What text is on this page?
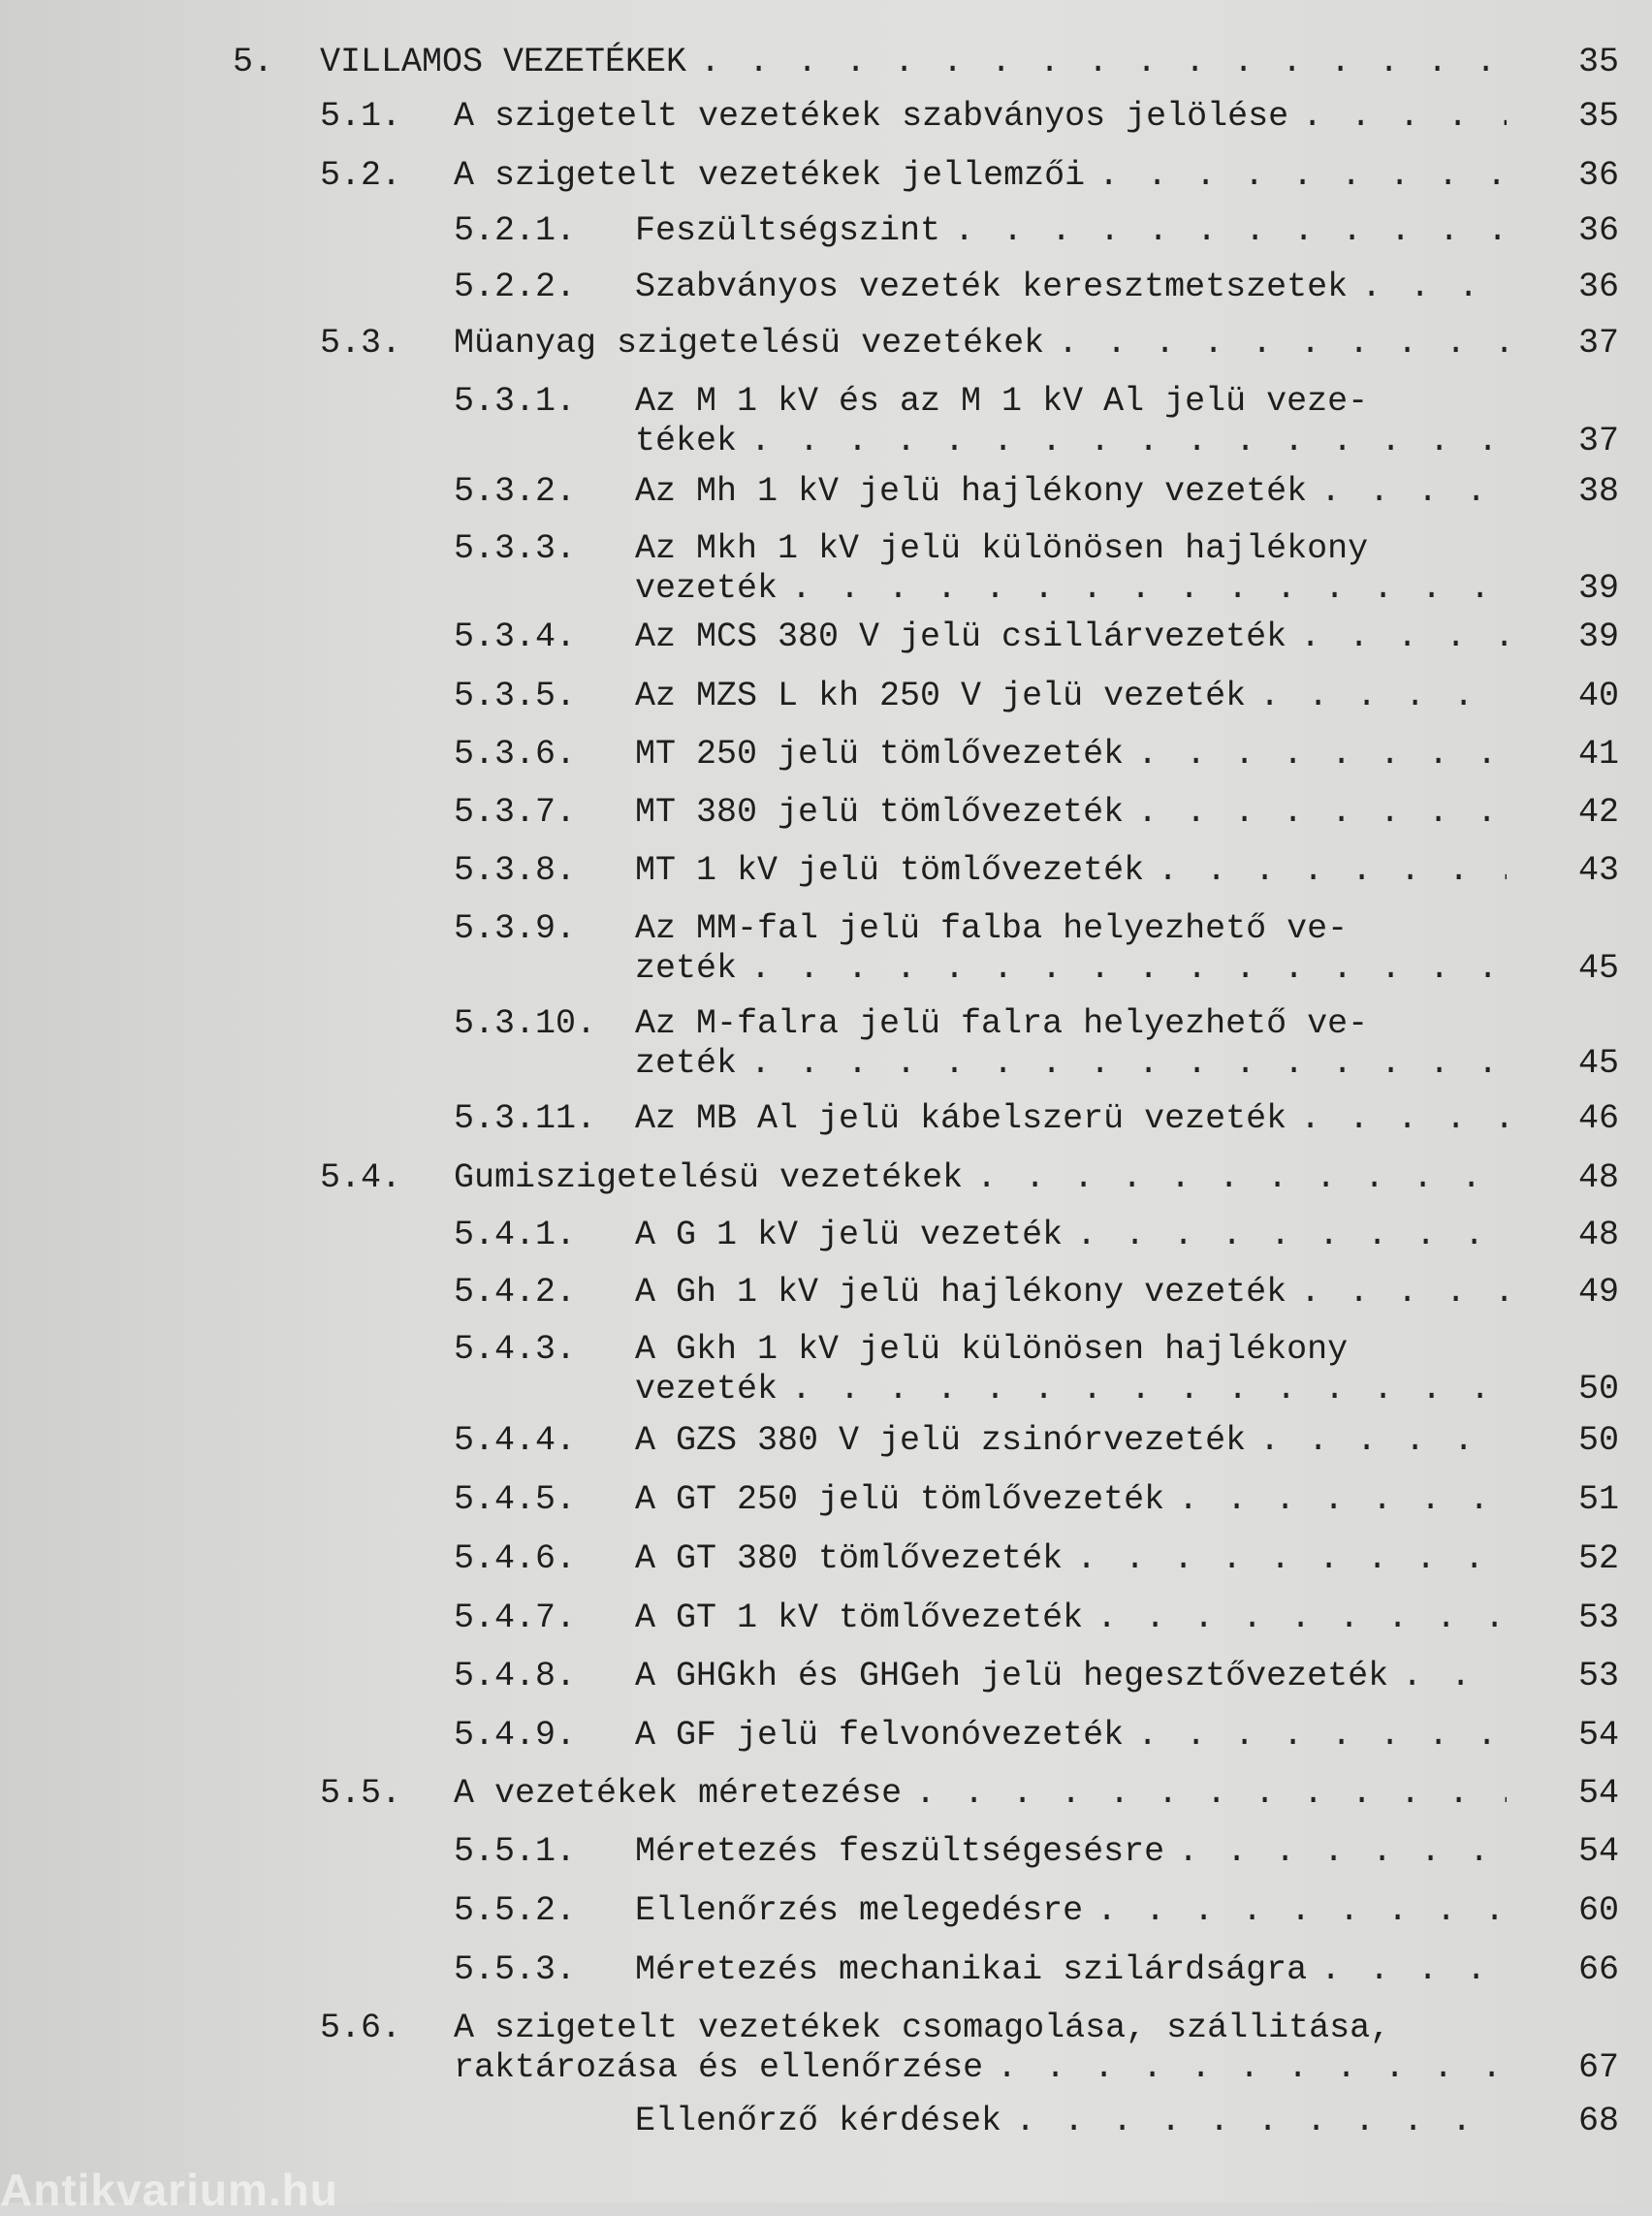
5. VILLAMOS VEZETÉKEK . . .	35
5.1. A szigetelt vezetékek szabványos jelölése . . .	35
5.2. A szigetelt vezetékek jellemzői . . .	36
5.2.1. Feszültségszint . . .	36
5.2.2. Szabványos vezeték keresztmetszetek . . .	36
5.3. Müanyag szigetelésü vezetékek . . .	37
5.3.1. Az M 1 kV és az M 1 kV Al jelü veze-
tékek . . .	37
5.3.2. Az Mh 1 kV jelü hajlékony vezeték . . .	38
5.3.3. Az Mkh 1 kV jelü különösen hajlékony
vezeték . . .	39
5.3.4. Az MCS 380 V jelü csillárvezeték . . .	39
5.3.5. Az MZS L kh 250 V jelü vezeték . . .	40
5.3.6. MT 250 jelü tömlővezeték . . .	41
5.3.7. MT 380 jelü tömlővezeték . . .	42
5.3.8. MT 1 kV jelü tömlővezeték . . .	43
5.3.9. Az MM-fal jelü falba helyezhető ve-
zeték . . .	45
5.3.10. Az M-falra jelü falra helyezhető ve-
zeték . . .	45
5.3.11. Az MB Al jelü kábelszerü vezeték . . .	46
5.4. Gumiszigetelésü vezetékek . . .	48
5.4.1. A G 1 kV jelü vezeték . . .	48
5.4.2. A Gh 1 kV jelü hajlékony vezeték . . .	49
5.4.3. A Gkh 1 kV jelü különösen hajlékony
vezeték . . .	50
5.4.4. A GZS 380 V jelü zsinórvezeték . . .	50
5.4.5. A GT 250 jelü tömlővezeték . . .	51
5.4.6. A GT 380 tömlővezeték . . .	52
5.4.7. A GT 1 kV tömlővezeték . . .	53
5.4.8. A GHGkh és GHGeh jelü hegesztővezeték . . .	53
5.4.9. A GF jelü felvonóvezeték . . .	54
5.5. A vezetékek méretezése . . .	54
5.5.1. Méretezés feszültségesésre . . .	54
5.5.2. Ellenőrzés melegedésre . . .	60
5.5.3. Méretezés mechanikai szilárdságra . . .	66
5.6. A szigetelt vezetékek csomagolása, szállitása,
raktározása és ellenőrzése . . .	67
Ellenőrző kérdések . . .	68
Antikvarium.hu
